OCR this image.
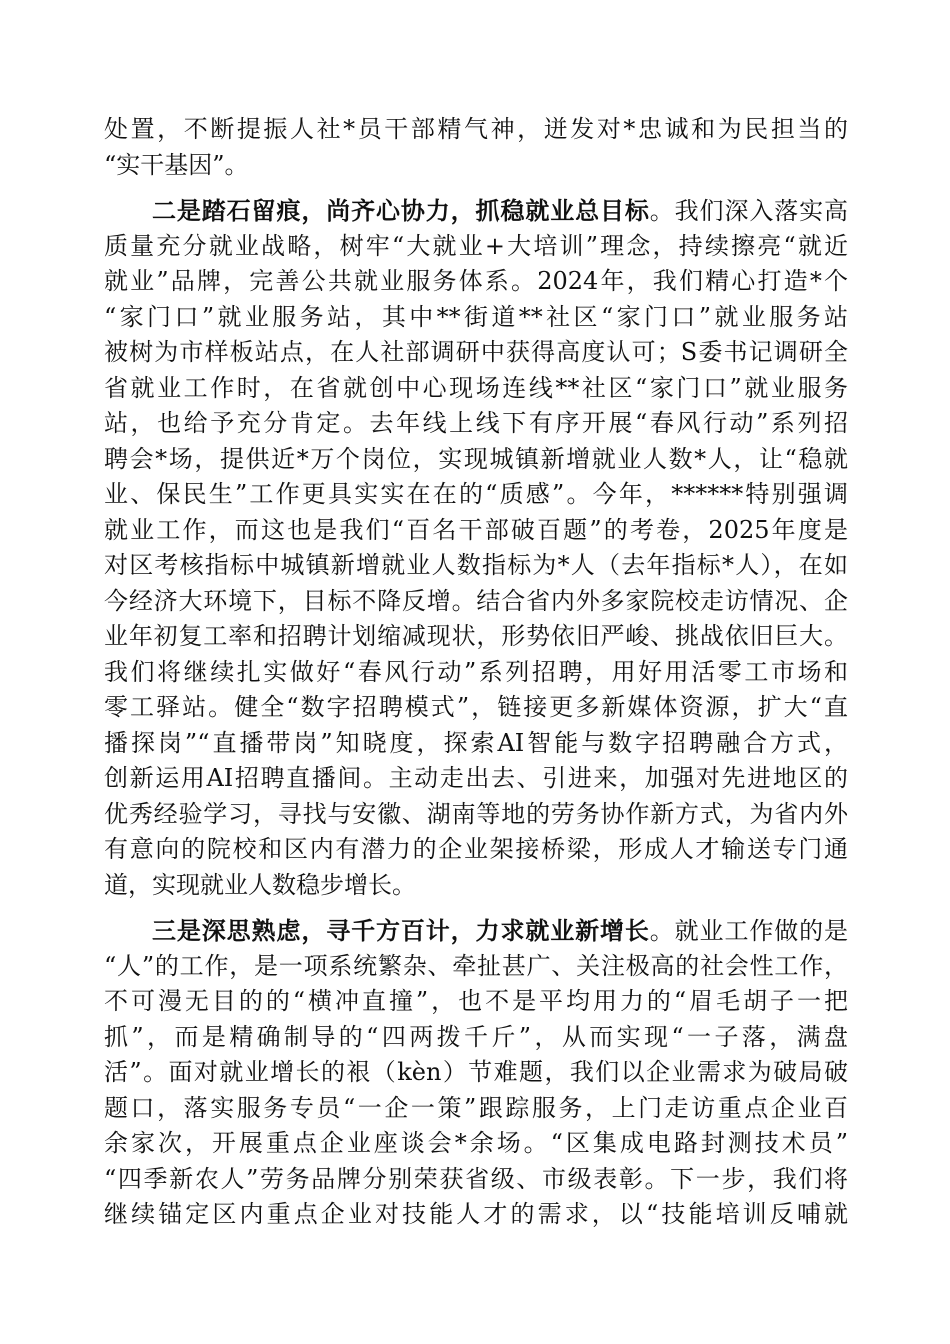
处置，不断提振人社*员干部精气神，迸发对*忠诚和为民担当的
“实干基因”。
二是踏石留痕，尚齐心协力，抓稳就业总目标。我们深入落实高
质量充分就业战略，树牢“大就业+大培训”理念，持续擦亮“就近
就业”品牌，完善公共就业服务体系。2024年，我们精心打造*个
“家门口”就业服务站，其中**街道**社区“家门口”就业服务站
被树为市样板站点，在人社部调研中获得高度认可；S委书记调研全
省就业工作时，在省就创中心现场连线**社区“家门口”就业服务
站，也给予充分肯定。去年线上线下有序开展“春风行动”系列招
聘会*场，提供近*万个岗位，实现城镇新增就业人数*人，让“稳就
业、保民生”工作更具实实在在的“质感”。今年，******特别强调
就业工作，而这也是我们“百名干部破百题”的考卷，2025年度是
对区考核指标中城镇新增就业人数指标为*人（去年指标*人），在如
今经济大环境下，目标不降反增。结合省内外多家院校走访情况、企
业年初复工率和招聘计划缩减现状，形势依旧严峻、挑战依旧巨大。
我们将继续扎实做好“春风行动”系列招聘，用好用活零工市场和
零工驿站。健全“数字招聘模式”，链接更多新媒体资源，扩大“直
播探岗”“直播带岗”知晓度，探索AI智能与数字招聘融合方式，
创新运用AI招聘直播间。主动走出去、引进来，加强对先进地区的
优秀经验学习，寻找与安徽、湖南等地的劳务协作新方式，为省内外
有意向的院校和区内有潜力的企业架接桥梁，形成人才输送专门通
道，实现就业人数稳步增长。
三是深思熟虑，寻千方百计，力求就业新增长。就业工作做的是
“人”的工作，是一项系统繁杂、牵扯甚广、关注极高的社会性工作，
不可漫无目的的“横冲直撞”，也不是平均用力的“眉毛胡子一把
抓”，而是精确制导的“四两拨千斤”，从而实现“一子落，满盘
活”。面对就业增长的裉（kèn）节难题，我们以企业需求为破局破
题口，落实服务专员“一企一策”跟踪服务，上门走访重点企业百
余家次，开展重点企业座谈会*余场。“区集成电路封测技术员”
“四季新农人”劳务品牌分别荣获省级、市级表彰。下一步，我们将
继续锚定区内重点企业对技能人才的需求，以“技能培训反哺就
